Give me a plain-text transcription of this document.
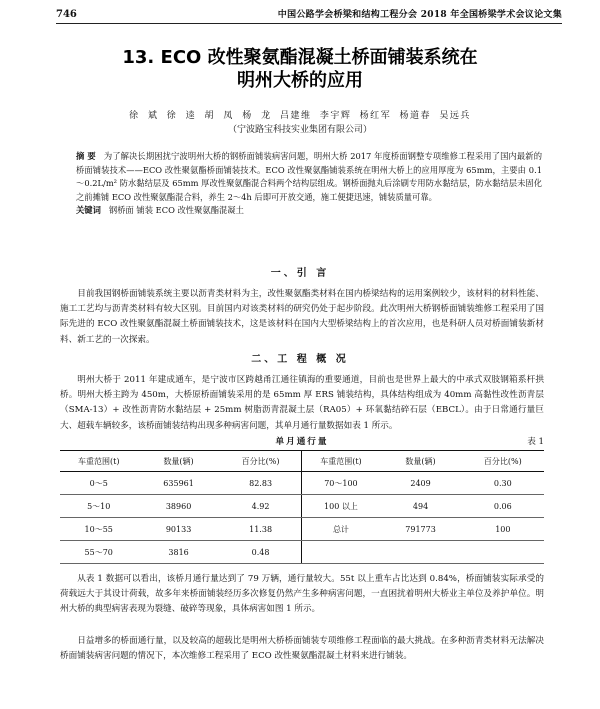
746	中国公路学会桥梁和结构工程分会 2018 年全国桥梁学术会议论文集
13. ECO 改性聚氨酯混凝土桥面铺装系统在
明州大桥的应用
徐 斌 徐 逵 胡 凤 杨 龙 吕建维 李宇辉 杨红军 杨道春 吴远兵
（宁波路宝科技实业集团有限公司）
摘 要 为了解决长期困扰宁波明州大桥的钢桥面铺装病害问题，明州大桥 2017 年度桥面钢整专项维修工程采用了国内最新的桥面铺装技术——ECO 改性聚氨酯桥面铺装技术。ECO 改性聚氨酯铺装系统在明州大桥上的应用厚度为 65mm，主要由 0.1～0.2L/m² 防水黏结层及 65mm 厚改性聚氨酯混合料两个结构层组成。钢桥面抛丸后涂刷专用防水黏结层，防水黏结层未固化之前摊铺 ECO 改性聚氨酯混合料，养生 2～4h 后即可开放交通，施工便捷迅速，铺装质量可靠。
关键词 钢桥面 铺装 ECO 改性聚氨酯混凝土
一、引 言
目前我国钢桥面铺装系统主要以沥青类材料为主，改性聚氨酯类材料在国内桥梁结构的运用案例较少，该材料的材料性能、施工工艺均与沥青类材料有较大区别。目前国内对该类材料的研究仍处于起步阶段。此次明州大桥钢桥面铺装维修工程采用了国际先进的 ECO 改性聚氨酯混凝土桥面铺装技术，这是该材料在国内大型桥梁结构上的首次应用，也是科研人员对桥面铺装新材料、新工艺的一次探索。
二、工 程 概 况
明州大桥于 2011 年建成通车，是宁波市区跨越甬江通往镇海的重要通道，目前也是世界上最大的中承式双肢钢箱系杆拱桥。明州大桥主跨为 450m，大桥原桥面铺装采用的是 65mm 厚 ERS 铺装结构，具体结构组成为 40mm 高黏性改性沥青层（SMA-13）+ 改性沥青防水黏结层 + 25mm 树脂沥青混凝土层（RA05）+ 环氧黏结碎石层（EBCL）。由于日常通行量巨大、超载车辆较多，该桥面铺装结构出现多种病害问题，其单月通行量数据如表 1 所示。
单月通行量	表 1
车重范围(t)	数量(辆)	百分比(%)	车重范围(t)	数量(辆)	百分比(%)
0～5	635961	82.83	70～100	2409	0.30
5～10	38960	4.92	100 以上	494	0.06
10～55	90133	11.38	总计	791773	100
55～70	3816	0.48			
从表 1 数据可以看出，该桥月通行量达到了 79 万辆，通行量较大。55t 以上重车占比达到 0.84%，桥面铺装实际承受的荷载远大于其设计荷载，故多年来桥面铺装经历多次修复仍然产生多种病害问题，一直困扰着明州大桥业主单位及养护单位。明州大桥的典型病害表现为裂缝、破碎等现象，具体病害如图 1 所示。
日益增多的桥面通行量，以及较高的超载比是明州大桥桥面铺装专项维修工程面临的最大挑战。在多种沥青类材料无法解决桥面铺装病害问题的情况下，本次维修工程采用了 ECO 改性聚氨酯混凝土材料来进行铺装。
